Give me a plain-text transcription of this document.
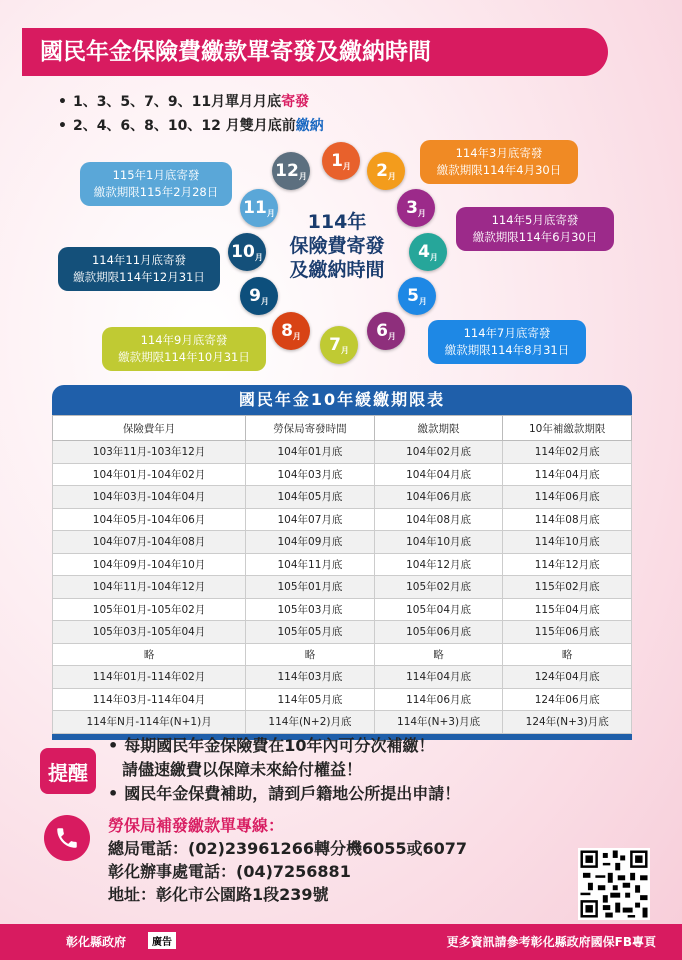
國民年金保險費繳款單寄發及繳納時間
• 1、3、5、7、9、11月單月月底寄發
• 2、4、6、8、10、12 月雙月底前繳納
1 月 2 月
3 月
4 月
5 月
6 月
7 月
8 月
9 月
10 月
11 月
12 月
114年
保險費寄發
及繳納時間
115年1月底寄發
繳款期限115年2月28日
114年3月底寄發
繳款期限114年4月30日
114年5月底寄發
繳款期限114年6月30日
114年11月底寄發
繳款期限114年12月31日
114年7月底寄發
繳款期限114年8月31日
114年9月底寄發
繳款期限114年10月31日
國民年金10年緩繳期限表
保險費年月	勞保局寄發時間	繳款期限	10年補繳款期限
103年11月-103年12月	104年01月底	104年02月底	114年02月底
104年01月-104年02月	104年03月底	104年04月底	114年04月底
104年03月-104年04月	104年05月底	104年06月底	114年06月底
104年05月-104年06月	104年07月底	104年08月底	114年08月底
104年07月-104年08月	104年09月底	104年10月底	114年10月底
104年09月-104年10月	104年11月底	104年12月底	114年12月底
104年11月-104年12月	105年01月底	105年02月底	115年02月底
105年01月-105年02月	105年03月底	105年04月底	115年04月底
105年03月-105年04月	105年05月底	105年06月底	115年06月底
略	略	略	略
114年01月-114年02月	114年03月底	114年04月底	124年04月底
114年03月-114年04月	114年05月底	114年06月底	124年06月底
114年N月-114年(N+1)月	114年(N+2)月底	114年(N+3)月底	124年(N+3)月底
提醒
• 每期國民年金保險費在10年內可分次補繳！
請儘速繳費以保障未來給付權益！
• 國民年金保費補助，請到戶籍地公所提出申請！
勞保局補發繳款單專線：
總局電話：(02)23961266轉分機6055或6077
彰化辦事處電話：(04)7256881
地址：彰化市公園路1段239號
彰化縣政府	廣告	更多資訊請參考彰化縣政府國保FB專頁
